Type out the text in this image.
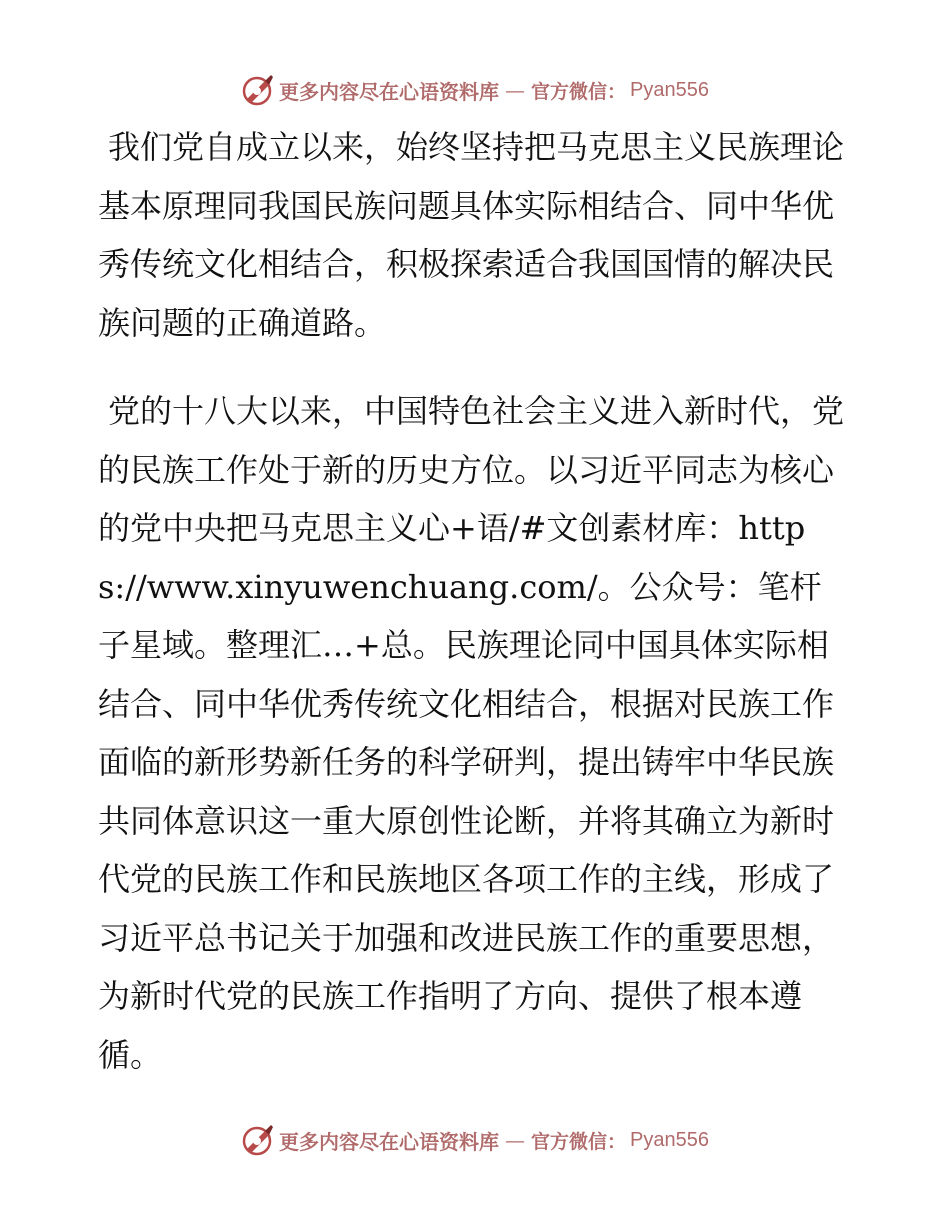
更多内容尽在心语资料库 — 官方微信： Pyan556

我们党自成立以来，始终坚持把马克思主义民族理论基本原理同我国民族问题具体实际相结合、同中华优秀传统文化相结合，积极探索适合我国国情的解决民族问题的正确道路。

党的十八大以来，中国特色社会主义进入新时代，党的民族工作处于新的历史方位。以习近平同志为核心的党中央把马克思主义心+语/#文创素材库：https://www.xinyuwenchuang.com/。公众号：笔杆子星域。整理汇…+总。民族理论同中国具体实际相结合、同中华优秀传统文化相结合，根据对民族工作面临的新形势新任务的科学研判，提出铸牢中华民族共同体意识这一重大原创性论断，并将其确立为新时代党的民族工作和民族地区各项工作的主线，形成了习近平总书记关于加强和改进民族工作的重要思想，为新时代党的民族工作指明了方向、提供了根本遵循。

更多内容尽在心语资料库 — 官方微信： Pyan556
